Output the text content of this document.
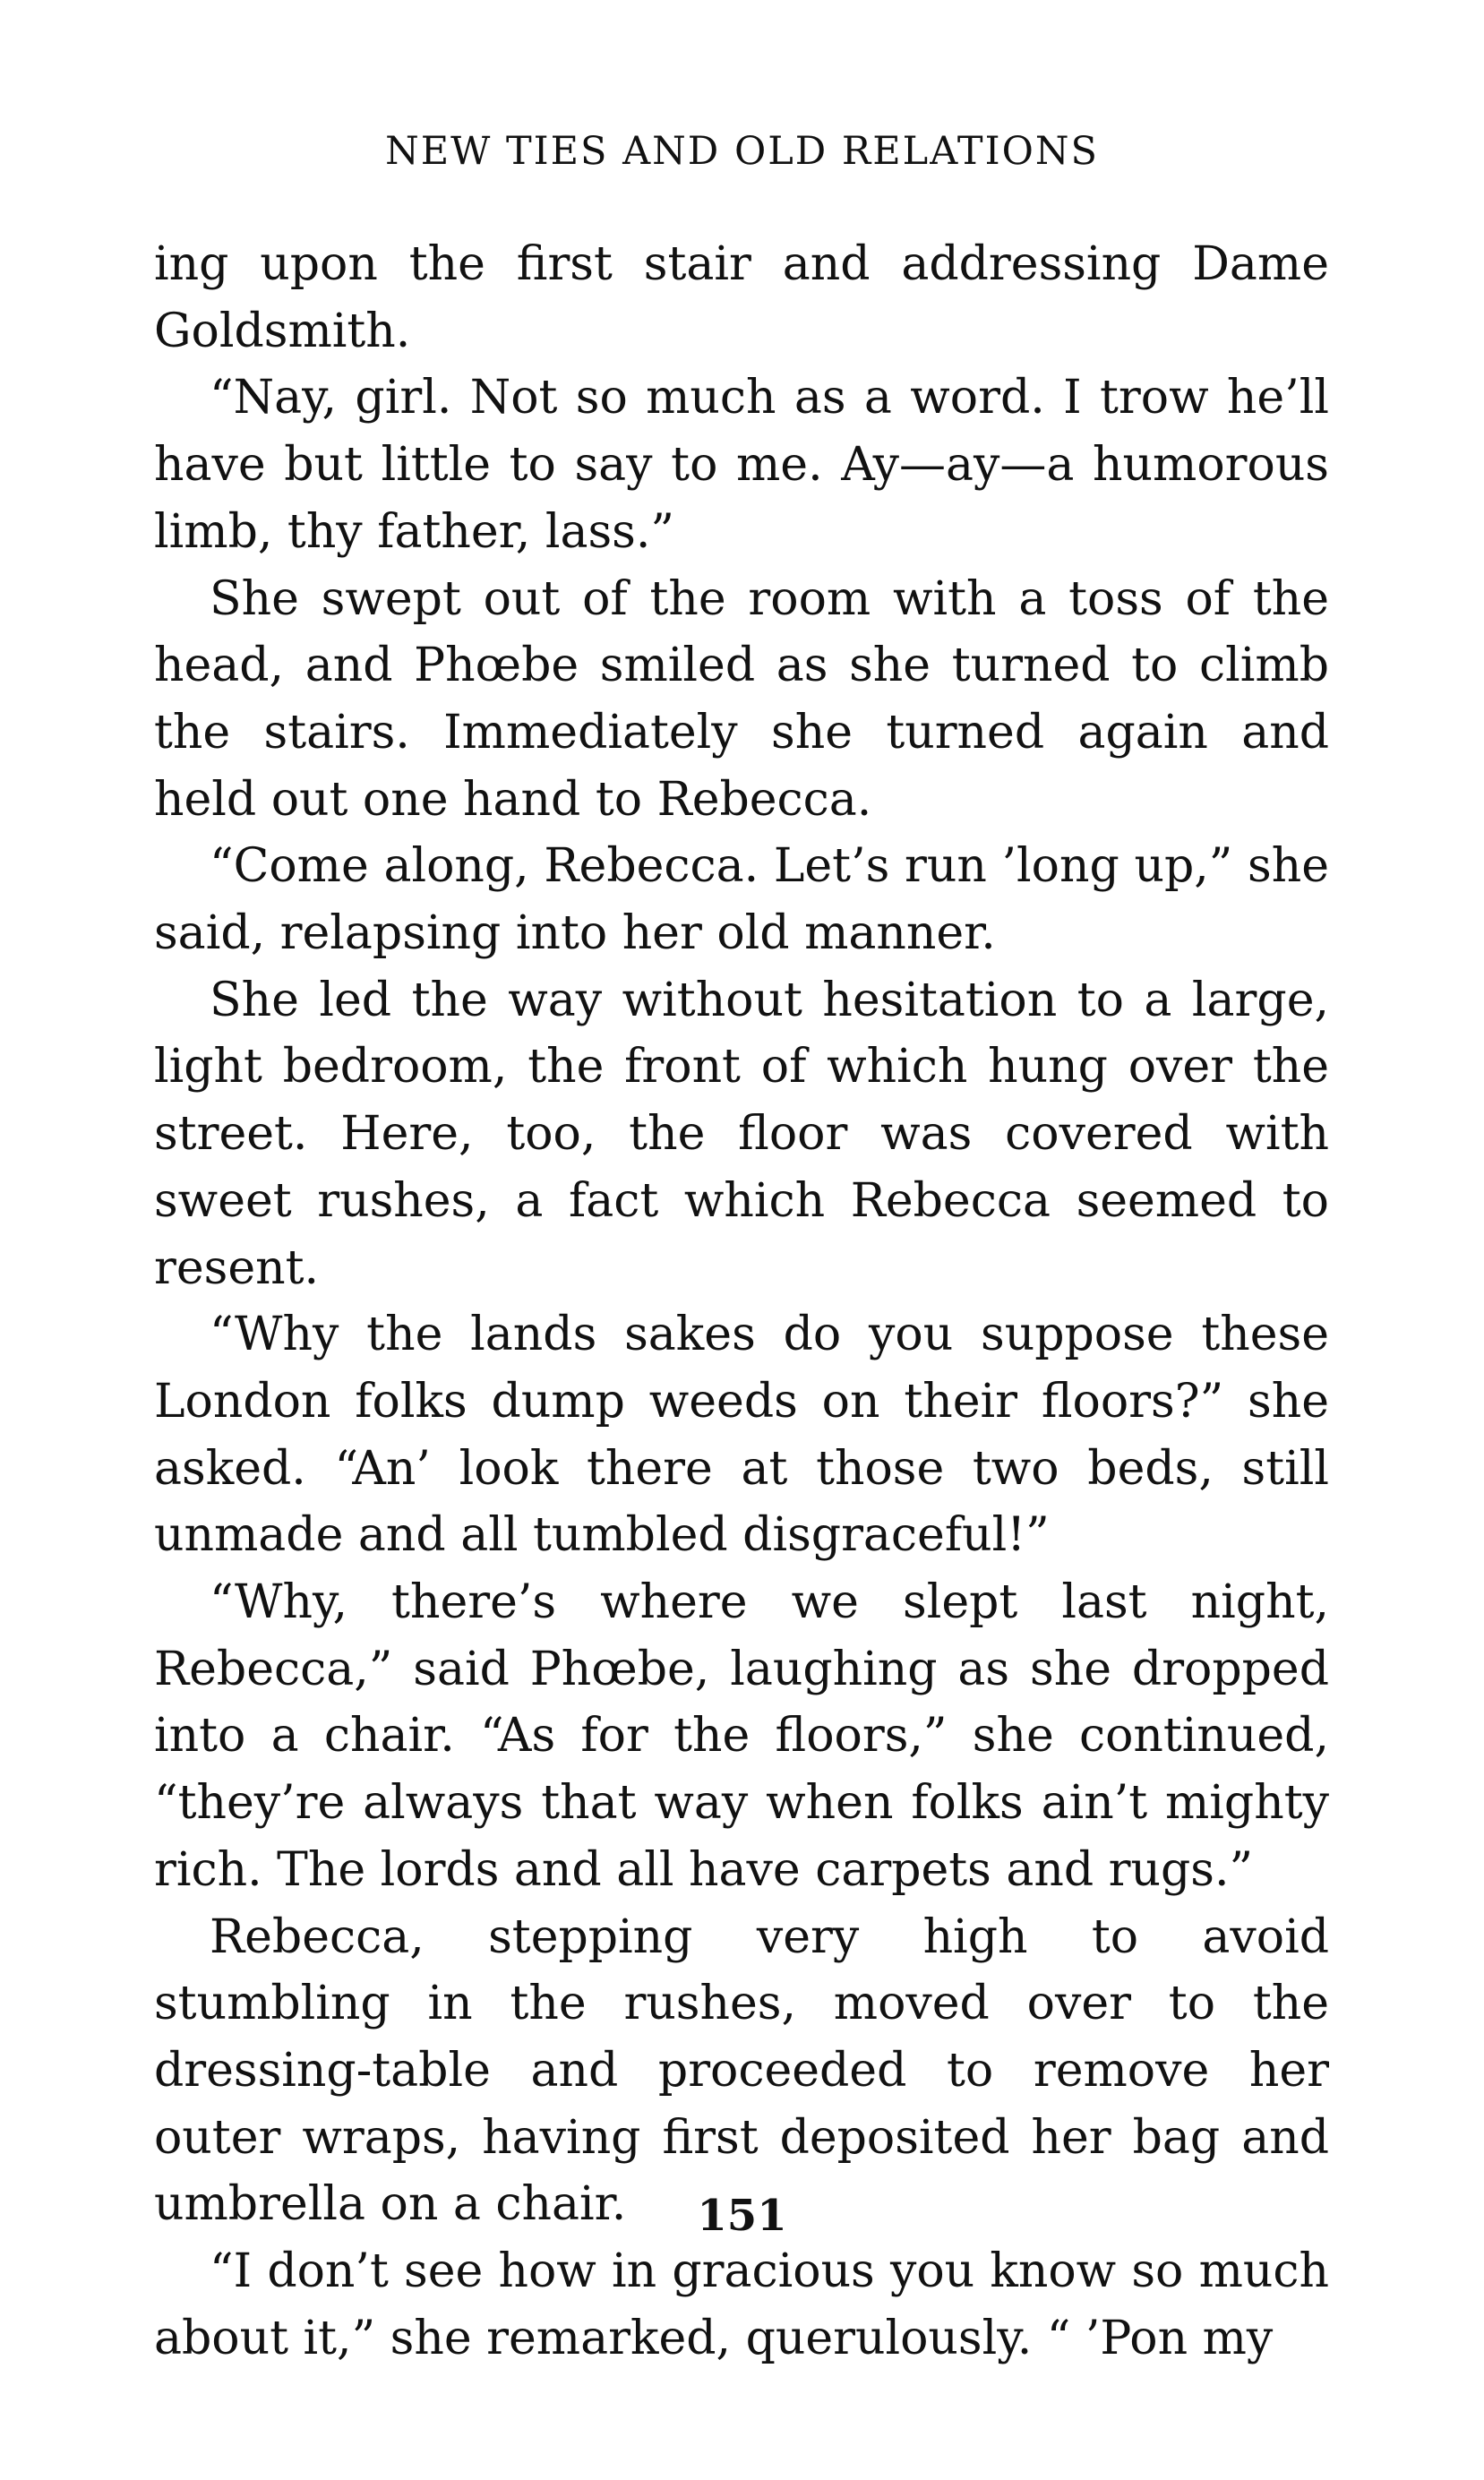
NEW TIES AND OLD RELATIONS

ing upon the first stair and addressing Dame Goldsmith.

“Nay, girl. Not so much as a word. I trow he’ll have but little to say to me. Ay—ay—a humorous limb, thy father, lass.”

She swept out of the room with a toss of the head, and Phœbe smiled as she turned to climb the stairs. Immediately she turned again and held out one hand to Rebecca.

“Come along, Rebecca. Let’s run ’long up,” she said, relapsing into her old manner.

She led the way without hesitation to a large, light bedroom, the front of which hung over the street. Here, too, the floor was covered with sweet rushes, a fact which Rebecca seemed to resent.

“Why the lands sakes do you suppose these London folks dump weeds on their floors?” she asked. “An’ look there at those two beds, still unmade and all tumbled disgraceful!”

“Why, there’s where we slept last night, Rebecca,” said Phœbe, laughing as she dropped into a chair. “As for the floors,” she continued, “they’re always that way when folks ain’t mighty rich. The lords and all have carpets and rugs.”

Rebecca, stepping very high to avoid stumbling in the rushes, moved over to the dressing-table and proceeded to remove her outer wraps, having first deposited her bag and umbrella on a chair.

“I don’t see how in gracious you know so much about it,” she remarked, querulously. “ ’Pon my

151
